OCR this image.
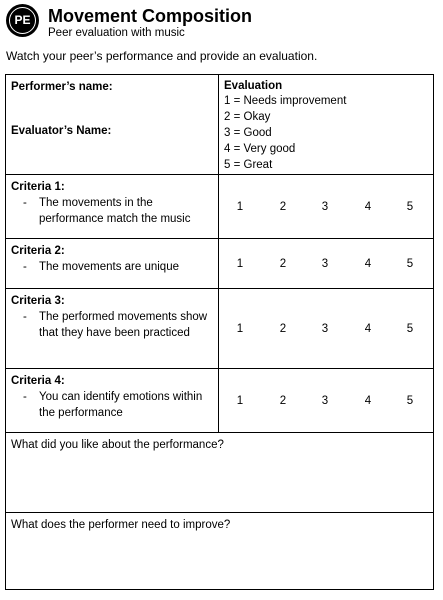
PE Movement Composition
Peer evaluation with music
Watch your peer’s performance and provide an evaluation.
Performer’s name:
Evaluator’s Name:
Evaluation
1 = Needs improvement
2 = Okay
3 = Good
4 = Very good
5 = Great
Criteria 1:
- The movements in the performance match the music
1	2	3	4	5
Criteria 2:
- The movements are unique	1	2	3	4	5
Criteria 3:
- The performed movements show that they have been practiced	1	2	3	4	5
Criteria 4:
- You can identify emotions within the performance
1	2	3	4	5
What did you like about the performance?
What does the performer need to improve?
